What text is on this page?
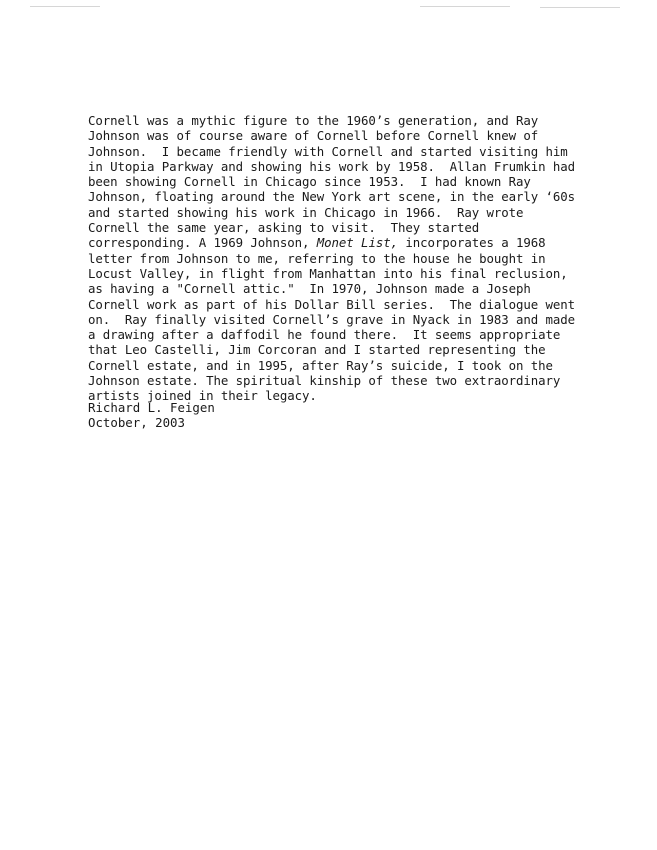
Cornell was a mythic figure to the 1960’s generation, and Ray
Johnson was of course aware of Cornell before Cornell knew of
Johnson.  I became friendly with Cornell and started visiting him
in Utopia Parkway and showing his work by 1958.  Allan Frumkin had
been showing Cornell in Chicago since 1953.  I had known Ray
Johnson, floating around the New York art scene, in the early ‘60s
and started showing his work in Chicago in 1966.  Ray wrote
Cornell the same year, asking to visit.  They started
corresponding. A 1969 Johnson, Monet List, incorporates a 1968
letter from Johnson to me, referring to the house he bought in
Locust Valley, in flight from Manhattan into his final reclusion,
as having a "Cornell attic."  In 1970, Johnson made a Joseph
Cornell work as part of his Dollar Bill series.  The dialogue went
on.  Ray finally visited Cornell’s grave in Nyack in 1983 and made
a drawing after a daffodil he found there.  It seems appropriate
that Leo Castelli, Jim Corcoran and I started representing the
Cornell estate, and in 1995, after Ray’s suicide, I took on the
Johnson estate. The spiritual kinship of these two extraordinary
artists joined in their legacy.
Richard L. Feigen
October, 2003
